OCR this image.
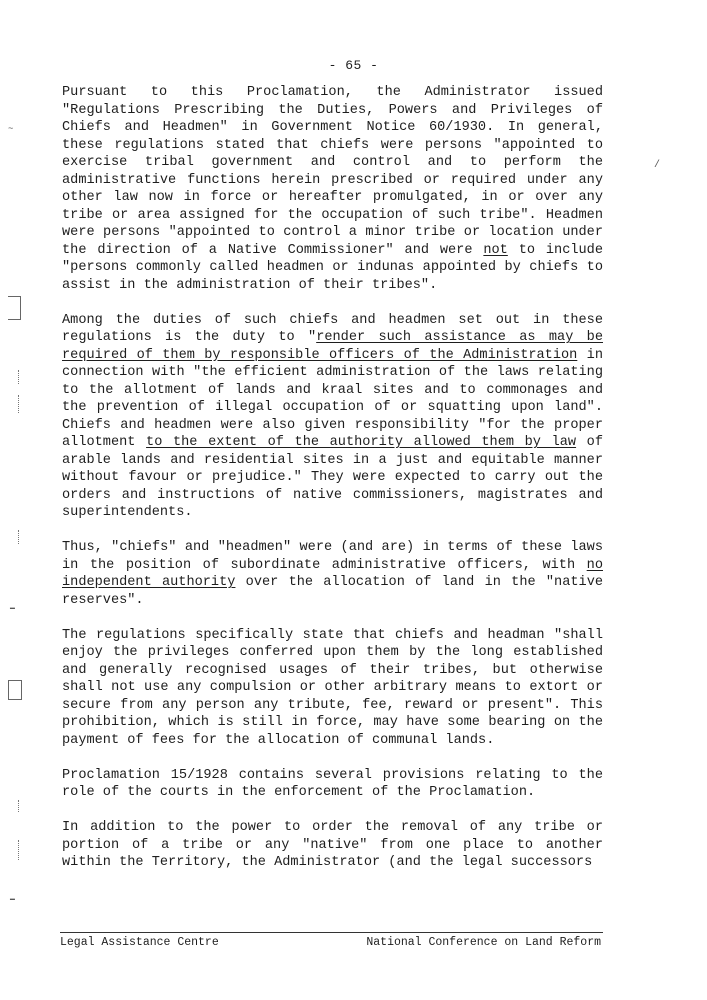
- 65 -

Pursuant to this Proclamation, the Administrator issued "Regulations Prescribing the Duties, Powers and Privileges of Chiefs and Headmen" in Government Notice 60/1930. In general, these regulations stated that chiefs were persons "appointed to exercise tribal government and control and to perform the administrative functions herein prescribed or required under any other law now in force or hereafter promulgated, in or over any tribe or area assigned for the occupation of such tribe". Headmen were persons "appointed to control a minor tribe or location under the direction of a Native Commissioner" and were not to include "persons commonly called headmen or indunas appointed by chiefs to assist in the administration of their tribes".

Among the duties of such chiefs and headmen set out in these regulations is the duty to "render such assistance as may be required of them by responsible officers of the Administration in connection with "the efficient administration of the laws relating to the allotment of lands and kraal sites and to commonages and the prevention of illegal occupation of or squatting upon land". Chiefs and headmen were also given responsibility "for the proper allotment to the extent of the authority allowed them by law of arable lands and residential sites in a just and equitable manner without favour or prejudice." They were expected to carry out the orders and instructions of native commissioners, magistrates and superintendents.

Thus, "chiefs" and "headmen" were (and are) in terms of these laws in the position of subordinate administrative officers, with no independent authority over the allocation of land in the "native reserves".

The regulations specifically state that chiefs and headman "shall enjoy the privileges conferred upon them by the long established and generally recognised usages of their tribes, but otherwise shall not use any compulsion or other arbitrary means to extort or secure from any person any tribute, fee, reward or present". This prohibition, which is still in force, may have some bearing on the payment of fees for the allocation of communal lands.

Proclamation 15/1928 contains several provisions relating to the role of the courts in the enforcement of the Proclamation.

In addition to the power to order the removal of any tribe or portion of a tribe or any "native" from one place to another within the Territory, the Administrator (and the legal successors

Legal Assistance Centre	National Conference on Land Reform
~
━
━
/
